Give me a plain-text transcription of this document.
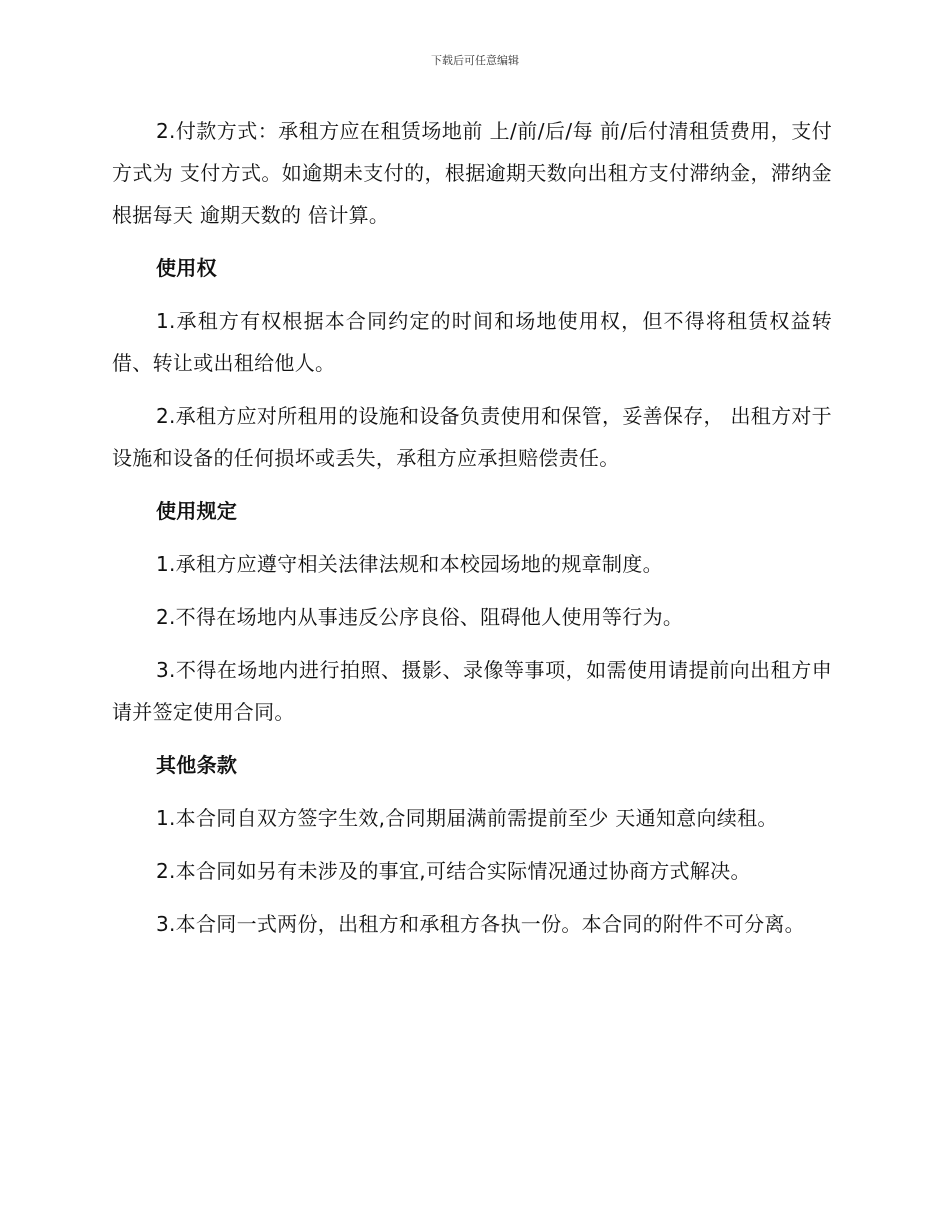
下载后可任意编辑

2.付款方式：承租方应在租赁场地前 上/前/后/每 前/后付清租赁费用，支付方式为 支付方式。如逾期未支付的，根据逾期天数向出租方支付滞纳金，滞纳金根据每天 逾期天数的 倍计算。

使用权

1.承租方有权根据本合同约定的时间和场地使用权，但不得将租赁权益转借、转让或出租给他人。

2.承租方应对所租用的设施和设备负责使用和保管，妥善保存， 出租方对于设施和设备的任何损坏或丢失，承租方应承担赔偿责任。

使用规定

1.承租方应遵守相关法律法规和本校园场地的规章制度。

2.不得在场地内从事违反公序良俗、阻碍他人使用等行为。

3.不得在场地内进行拍照、摄影、录像等事项，如需使用请提前向出租方申请并签定使用合同。

其他条款

1.本合同自双方签字生效,合同期届满前需提前至少 天通知意向续租。

2.本合同如另有未涉及的事宜,可结合实际情况通过协商方式解决。

3.本合同一式两份，出租方和承租方各执一份。本合同的附件不可分离。
